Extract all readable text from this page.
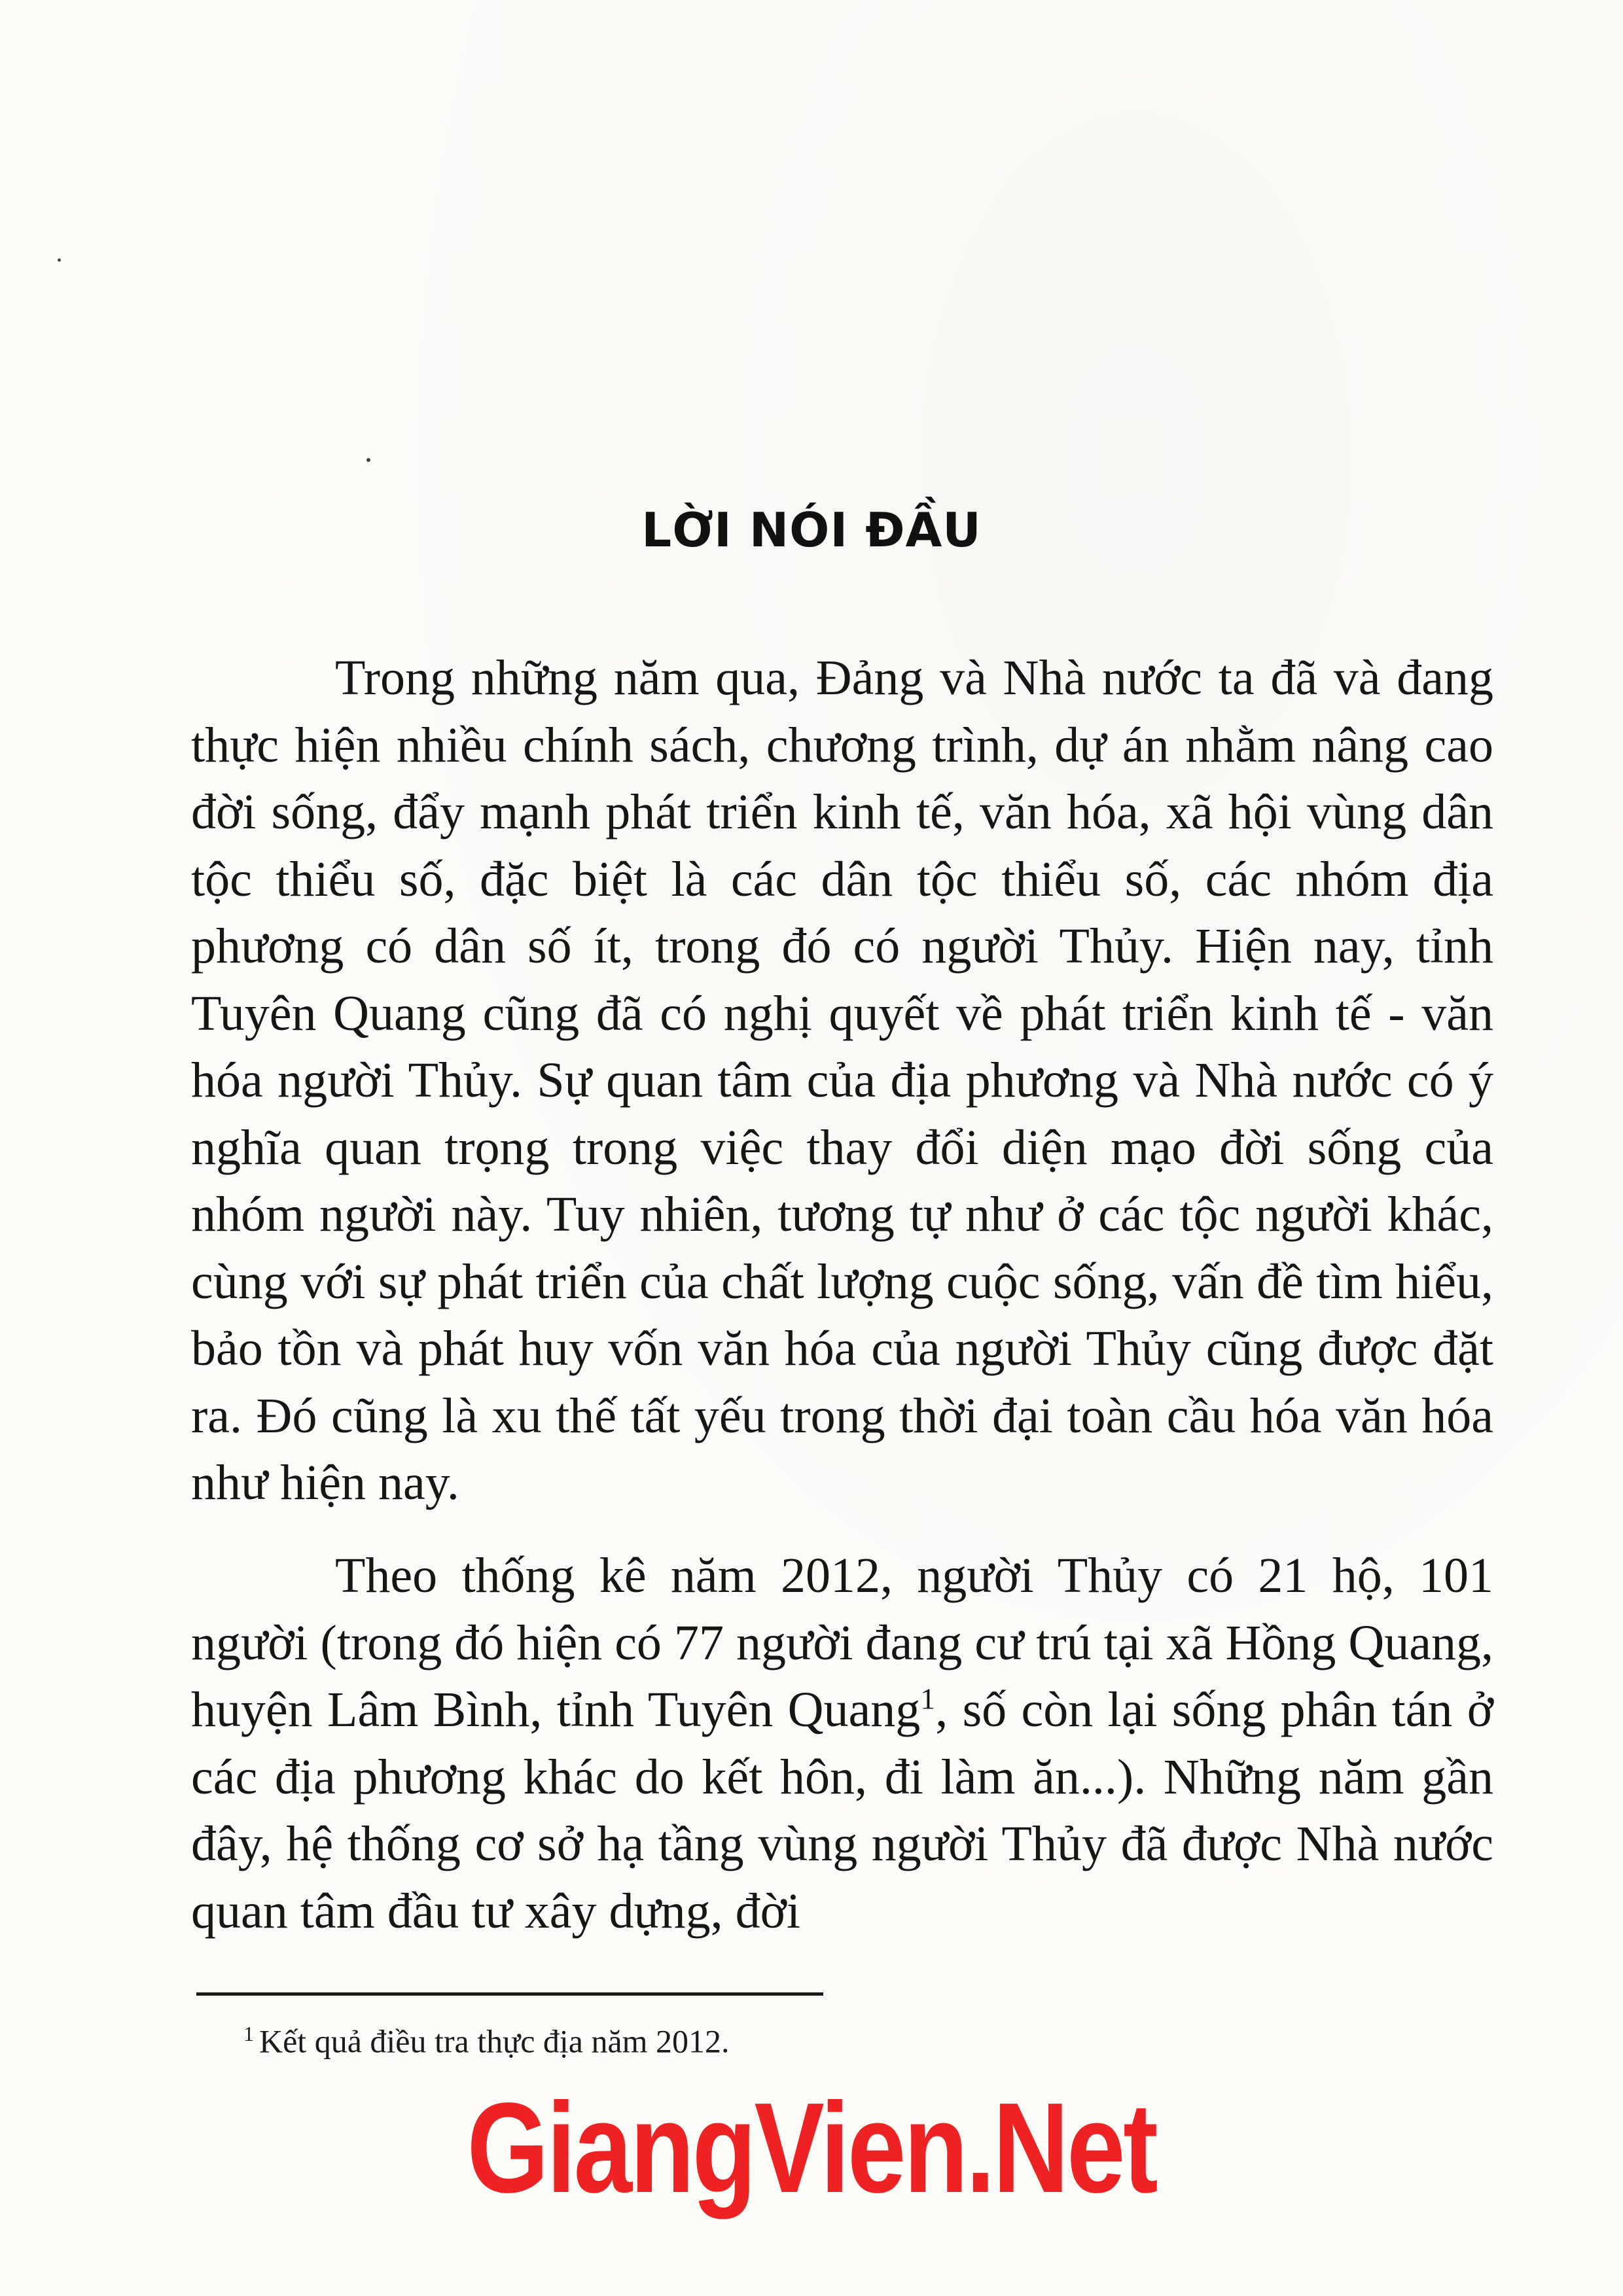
LỜI NÓI ĐẦU

Trong những năm qua, Đảng và Nhà nước ta đã và đang thực hiện nhiều chính sách, chương trình, dự án nhằm nâng cao đời sống, đẩy mạnh phát triển kinh tế, văn hóa, xã hội vùng dân tộc thiểu số, đặc biệt là các dân tộc thiểu số, các nhóm địa phương có dân số ít, trong đó có người Thủy. Hiện nay, tỉnh Tuyên Quang cũng đã có nghị quyết về phát triển kinh tế - văn hóa người Thủy. Sự quan tâm của địa phương và Nhà nước có ý nghĩa quan trọng trong việc thay đổi diện mạo đời sống của nhóm người này. Tuy nhiên, tương tự như ở các tộc người khác, cùng với sự phát triển của chất lượng cuộc sống, vấn đề tìm hiểu, bảo tồn và phát huy vốn văn hóa của người Thủy cũng được đặt ra. Đó cũng là xu thế tất yếu trong thời đại toàn cầu hóa văn hóa như hiện nay.

Theo thống kê năm 2012, người Thủy có 21 hộ, 101 người (trong đó hiện có 77 người đang cư trú tại xã Hồng Quang, huyện Lâm Bình, tỉnh Tuyên Quang$^1$, số còn lại sống phân tán ở các địa phương khác do kết hôn, đi làm ăn...). Những năm gần đây, hệ thống cơ sở hạ tầng vùng người Thủy đã được Nhà nước quan tâm đầu tư xây dựng, đời

$^1$ Kết quả điều tra thực địa năm 2012.
GiangVien.Net
